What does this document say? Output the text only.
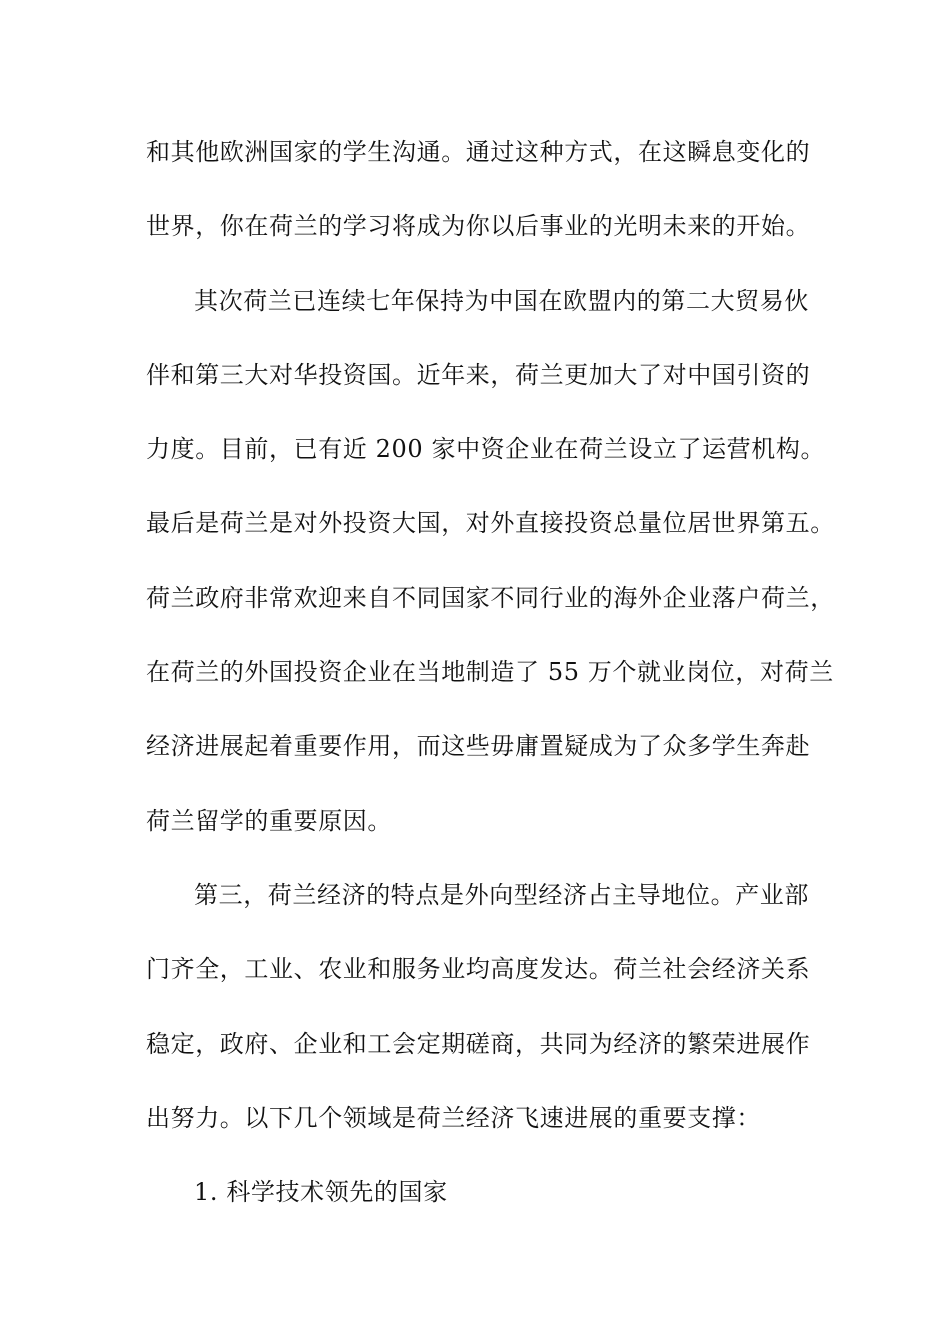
和其他欧洲国家的学生沟通。通过这种方式，在这瞬息变化的
世界，你在荷兰的学习将成为你以后事业的光明未来的开始。
其次荷兰已连续七年保持为中国在欧盟内的第二大贸易伙
伴和第三大对华投资国。近年来，荷兰更加大了对中国引资的
力度。目前，已有近 200 家中资企业在荷兰设立了运营机构。
最后是荷兰是对外投资大国，对外直接投资总量位居世界第五。
荷兰政府非常欢迎来自不同国家不同行业的海外企业落户荷兰，
在荷兰的外国投资企业在当地制造了 55 万个就业岗位，对荷兰
经济进展起着重要作用，而这些毋庸置疑成为了众多学生奔赴
荷兰留学的重要原因。
第三，荷兰经济的特点是外向型经济占主导地位。产业部
门齐全，工业、农业和服务业均高度发达。荷兰社会经济关系
稳定，政府、企业和工会定期磋商，共同为经济的繁荣进展作
出努力。以下几个领域是荷兰经济飞速进展的重要支撑：
1. 科学技术领先的国家
